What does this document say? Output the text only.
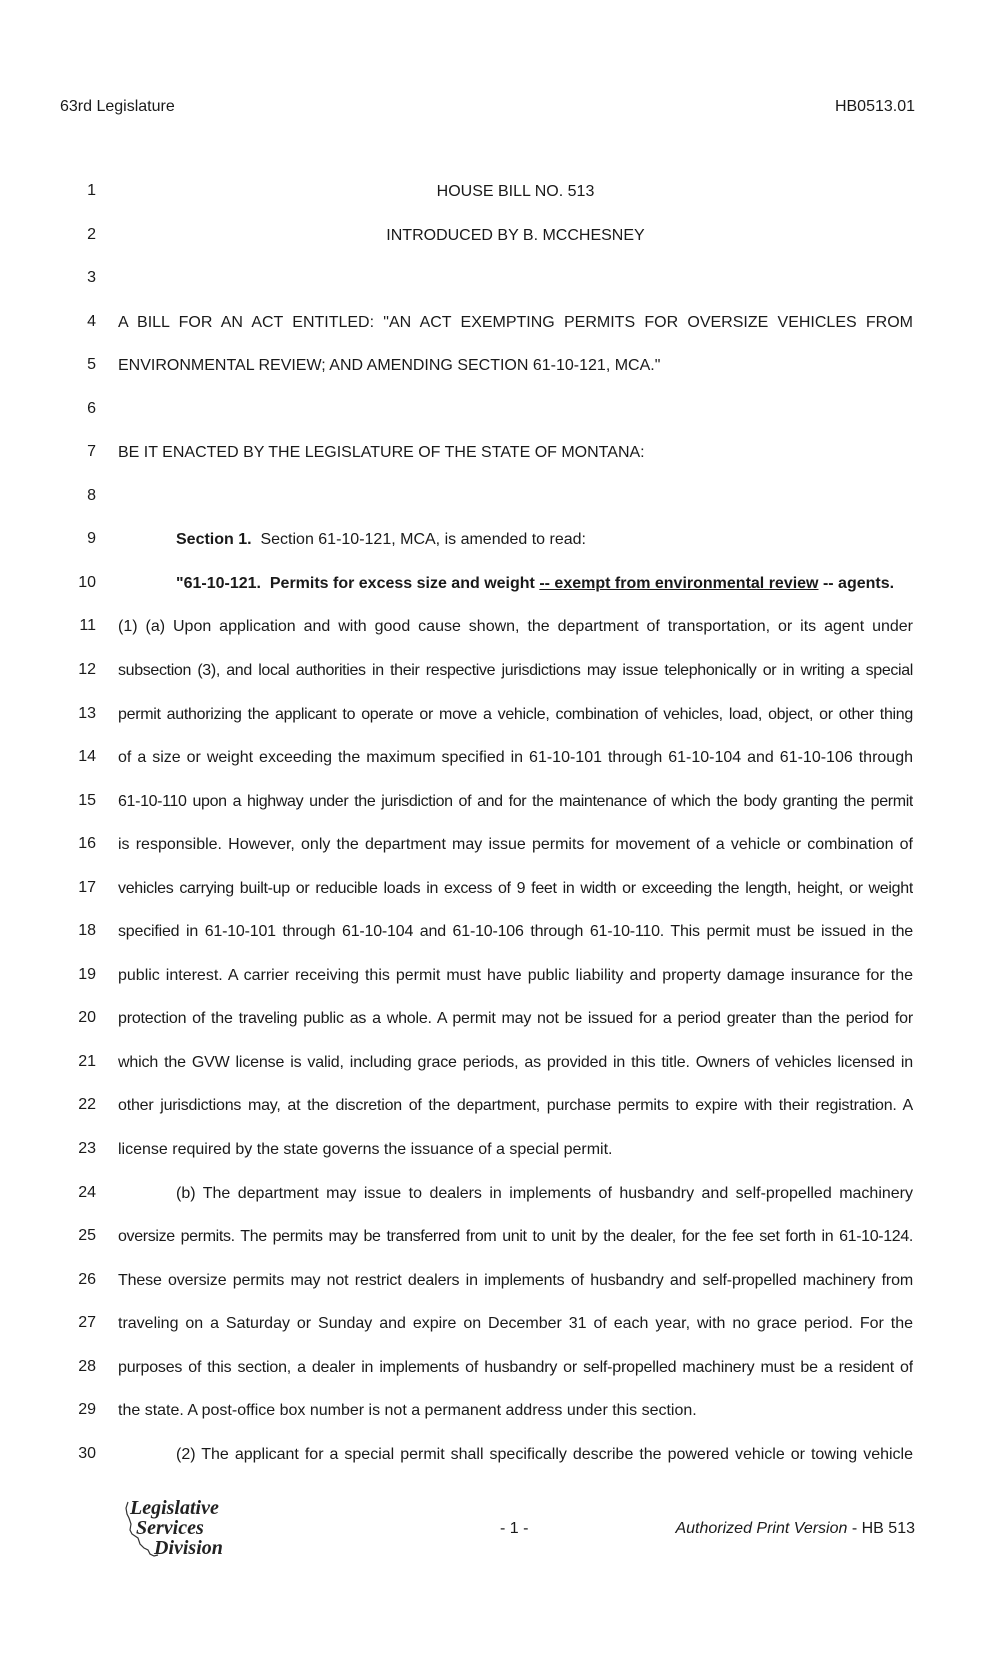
63rd Legislature	HB0513.01
1	HOUSE BILL NO. 513
2	INTRODUCED BY B. MCCHESNEY
3
4 A BILL FOR AN ACT ENTITLED: "AN ACT EXEMPTING PERMITS FOR OVERSIZE VEHICLES FROM
5 ENVIRONMENTAL REVIEW; AND AMENDING SECTION 61-10-121, MCA."
6
7 BE IT ENACTED BY THE LEGISLATURE OF THE STATE OF MONTANA:
8
9	Section 1.  Section 61-10-121, MCA, is amended to read:
10	"61-10-121.  Permits for excess size and weight -- exempt from environmental review -- agents.
11 (1) (a) Upon application and with good cause shown, the department of transportation, or its agent under
12 subsection (3), and local authorities in their respective jurisdictions may issue telephonically or in writing a special
13 permit authorizing the applicant to operate or move a vehicle, combination of vehicles, load, object, or other thing
14 of a size or weight exceeding the maximum specified in 61-10-101 through 61-10-104 and 61-10-106 through
15 61-10-110 upon a highway under the jurisdiction of and for the maintenance of which the body granting the permit
16 is responsible. However, only the department may issue permits for movement of a vehicle or combination of
17 vehicles carrying built-up or reducible loads in excess of 9 feet in width or exceeding the length, height, or weight
18 specified in 61-10-101 through 61-10-104 and 61-10-106 through 61-10-110. This permit must be issued in the
19 public interest. A carrier receiving this permit must have public liability and property damage insurance for the
20 protection of the traveling public as a whole. A permit may not be issued for a period greater than the period for
21 which the GVW license is valid, including grace periods, as provided in this title. Owners of vehicles licensed in
22 other jurisdictions may, at the discretion of the department, purchase permits to expire with their registration. A
23 license required by the state governs the issuance of a special permit.
24	(b) The department may issue to dealers in implements of husbandry and self-propelled machinery
25 oversize permits. The permits may be transferred from unit to unit by the dealer, for the fee set forth in 61-10-124.
26 These oversize permits may not restrict dealers in implements of husbandry and self-propelled machinery from
27 traveling on a Saturday or Sunday and expire on December 31 of each year, with no grace period. For the
28 purposes of this section, a dealer in implements of husbandry or self-propelled machinery must be a resident of
29 the state. A post-office box number is not a permanent address under this section.
30	(2) The applicant for a special permit shall specifically describe the powered vehicle or towing vehicle
Legislative
Services
Division
- 1 -	Authorized Print Version - HB 513
